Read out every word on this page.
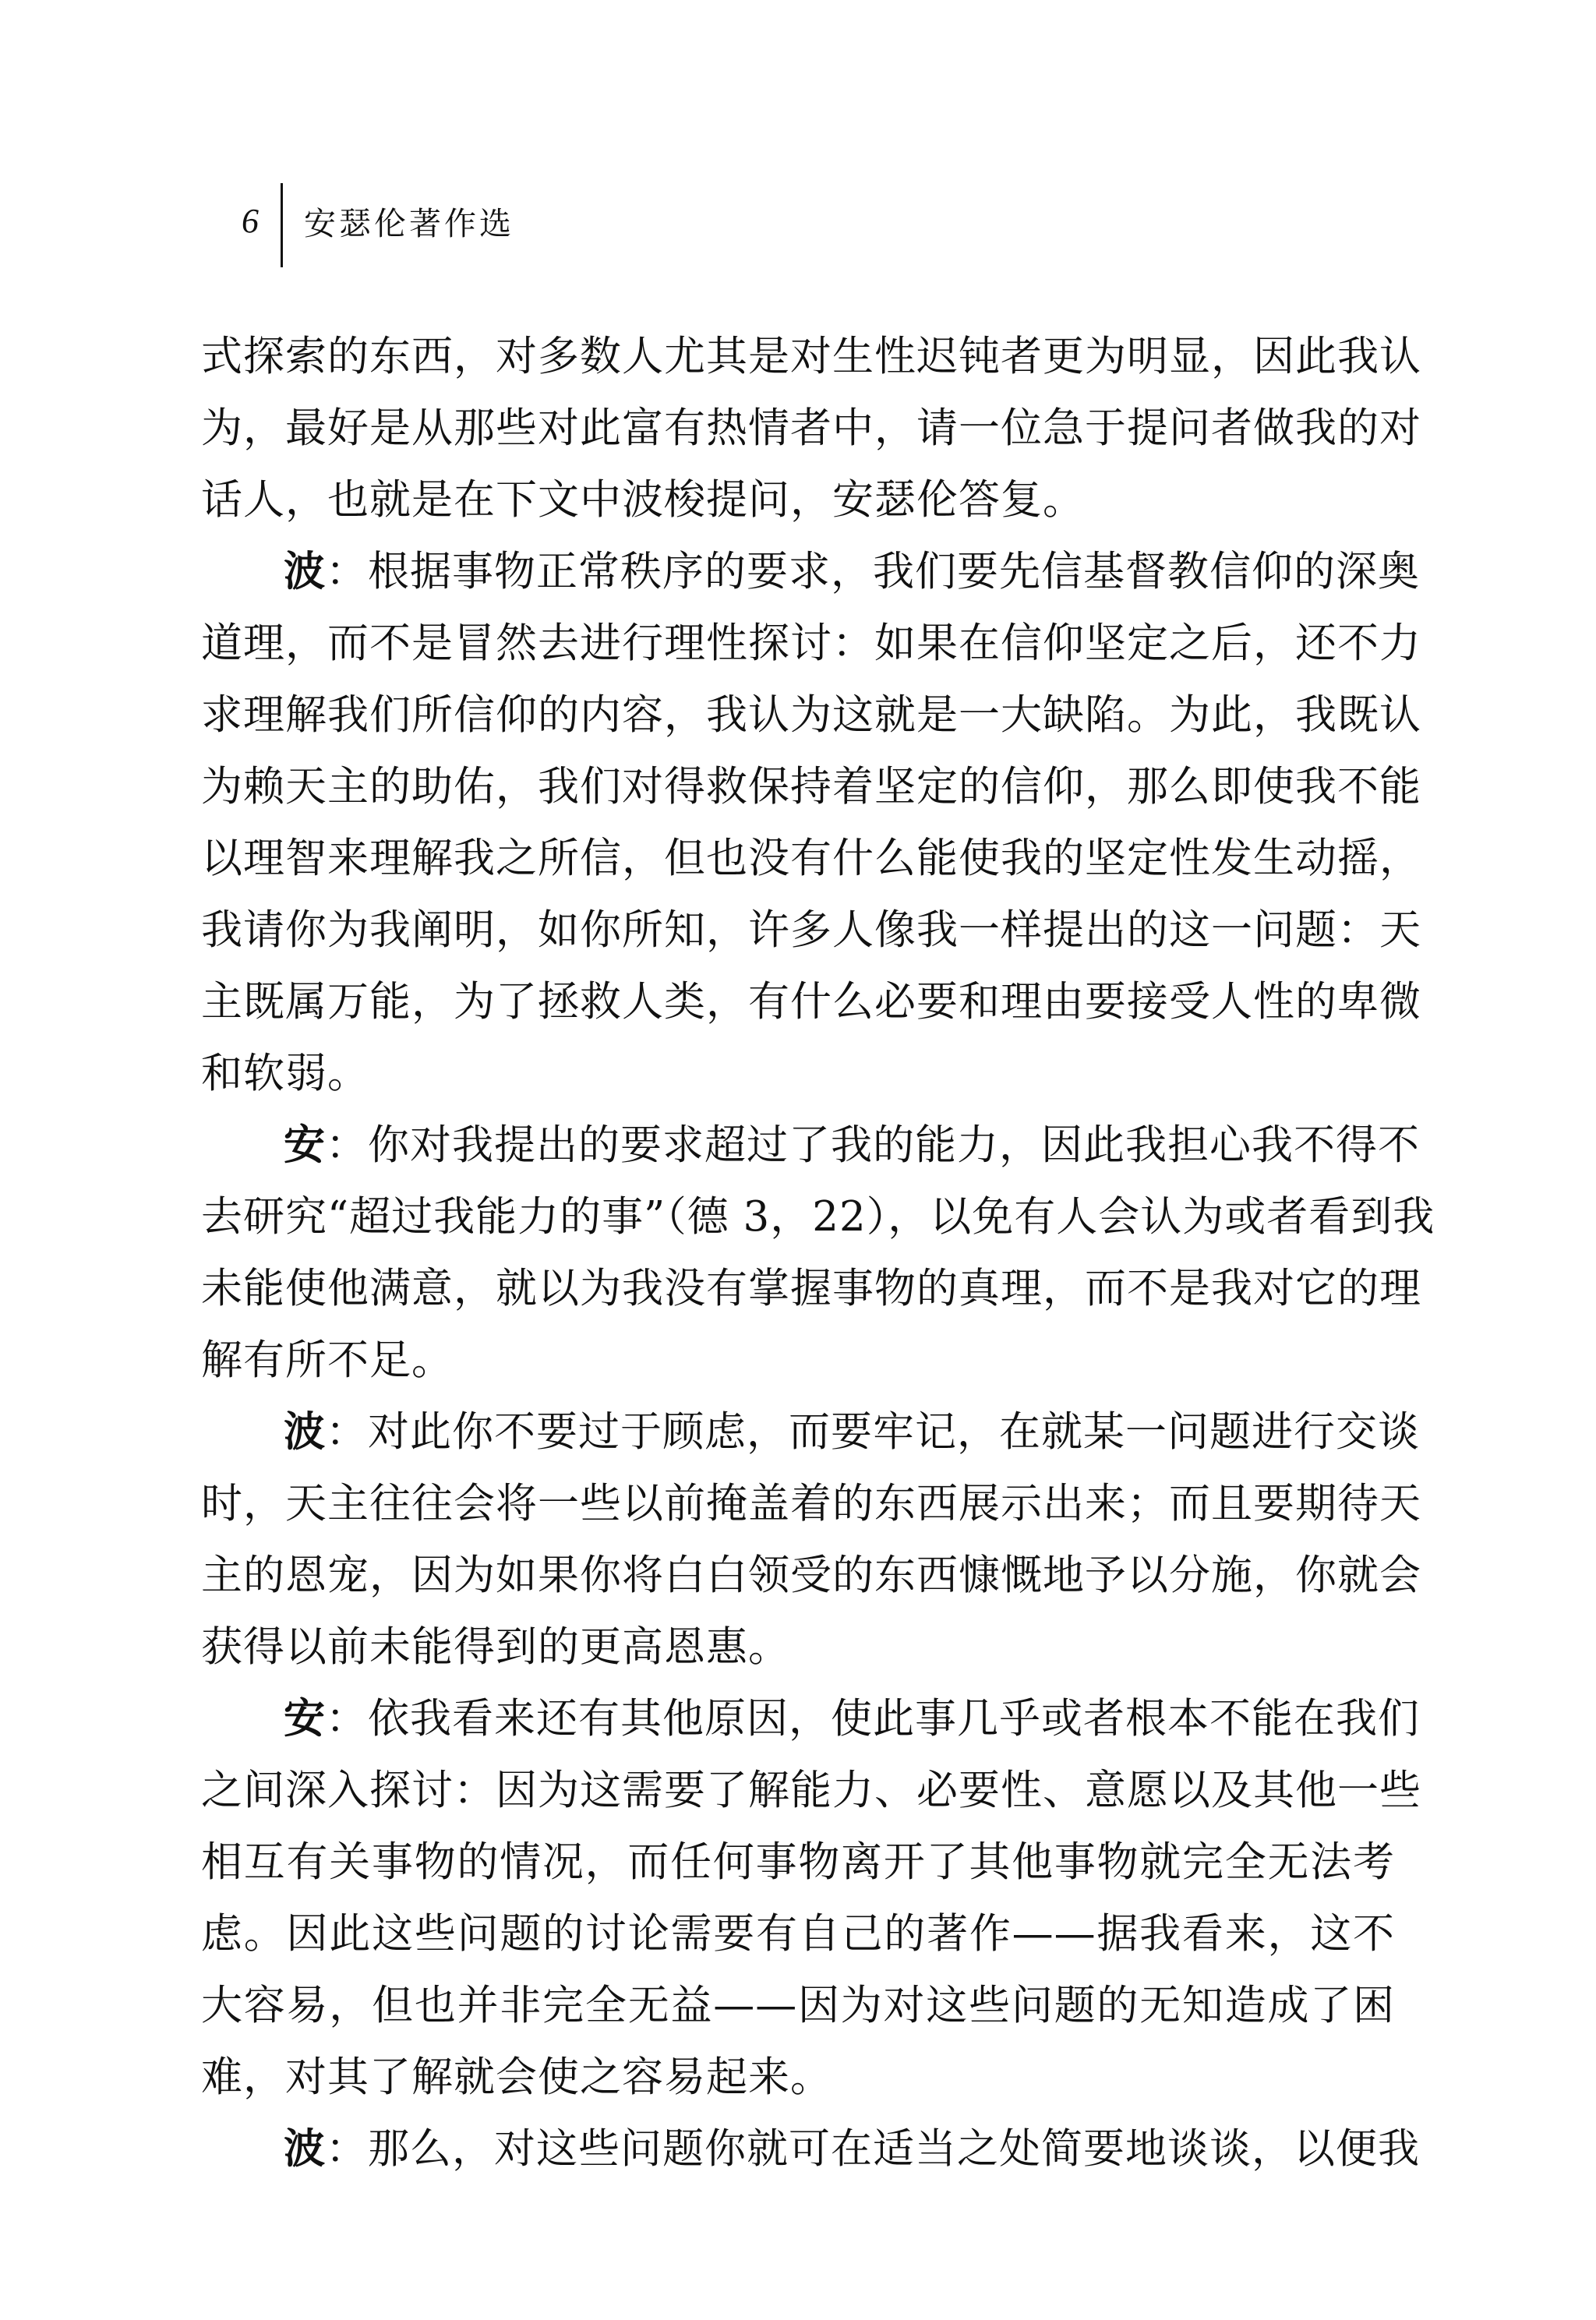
6 安瑟伦著作选
式探索的东西，对多数人尤其是对生性迟钝者更为明显，因此我认
为，最好是从那些对此富有热情者中，请一位急于提问者做我的对
话人，也就是在下文中波梭提问，安瑟伦答复。
波：根据事物正常秩序的要求，我们要先信基督教信仰的深奥
道理，而不是冒然去进行理性探讨：如果在信仰坚定之后，还不力
求理解我们所信仰的内容，我认为这就是一大缺陷。为此，我既认
为赖天主的助佑，我们对得救保持着坚定的信仰，那么即使我不能
以理智来理解我之所信，但也没有什么能使我的坚定性发生动摇，
我请你为我阐明，如你所知，许多人像我一样提出的这一问题：天
主既属万能，为了拯救人类，有什么必要和理由要接受人性的卑微
和软弱。
安：你对我提出的要求超过了我的能力，因此我担心我不得不
去研究“超过我能力的事”（德 3，22），以免有人会认为或者看到我
未能使他满意，就以为我没有掌握事物的真理，而不是我对它的理
解有所不足。
波：对此你不要过于顾虑，而要牢记，在就某一问题进行交谈
时，天主往往会将一些以前掩盖着的东西展示出来；而且要期待天
主的恩宠，因为如果你将白白领受的东西慷慨地予以分施，你就会
获得以前未能得到的更高恩惠。
安：依我看来还有其他原因，使此事几乎或者根本不能在我们
之间深入探讨：因为这需要了解能力、必要性、意愿以及其他一些
相互有关事物的情况，而任何事物离开了其他事物就完全无法考
虑。因此这些问题的讨论需要有自己的著作——据我看来，这不
大容易，但也并非完全无益——因为对这些问题的无知造成了困
难，对其了解就会使之容易起来。
波：那么，对这些问题你就可在适当之处简要地谈谈，以便我
